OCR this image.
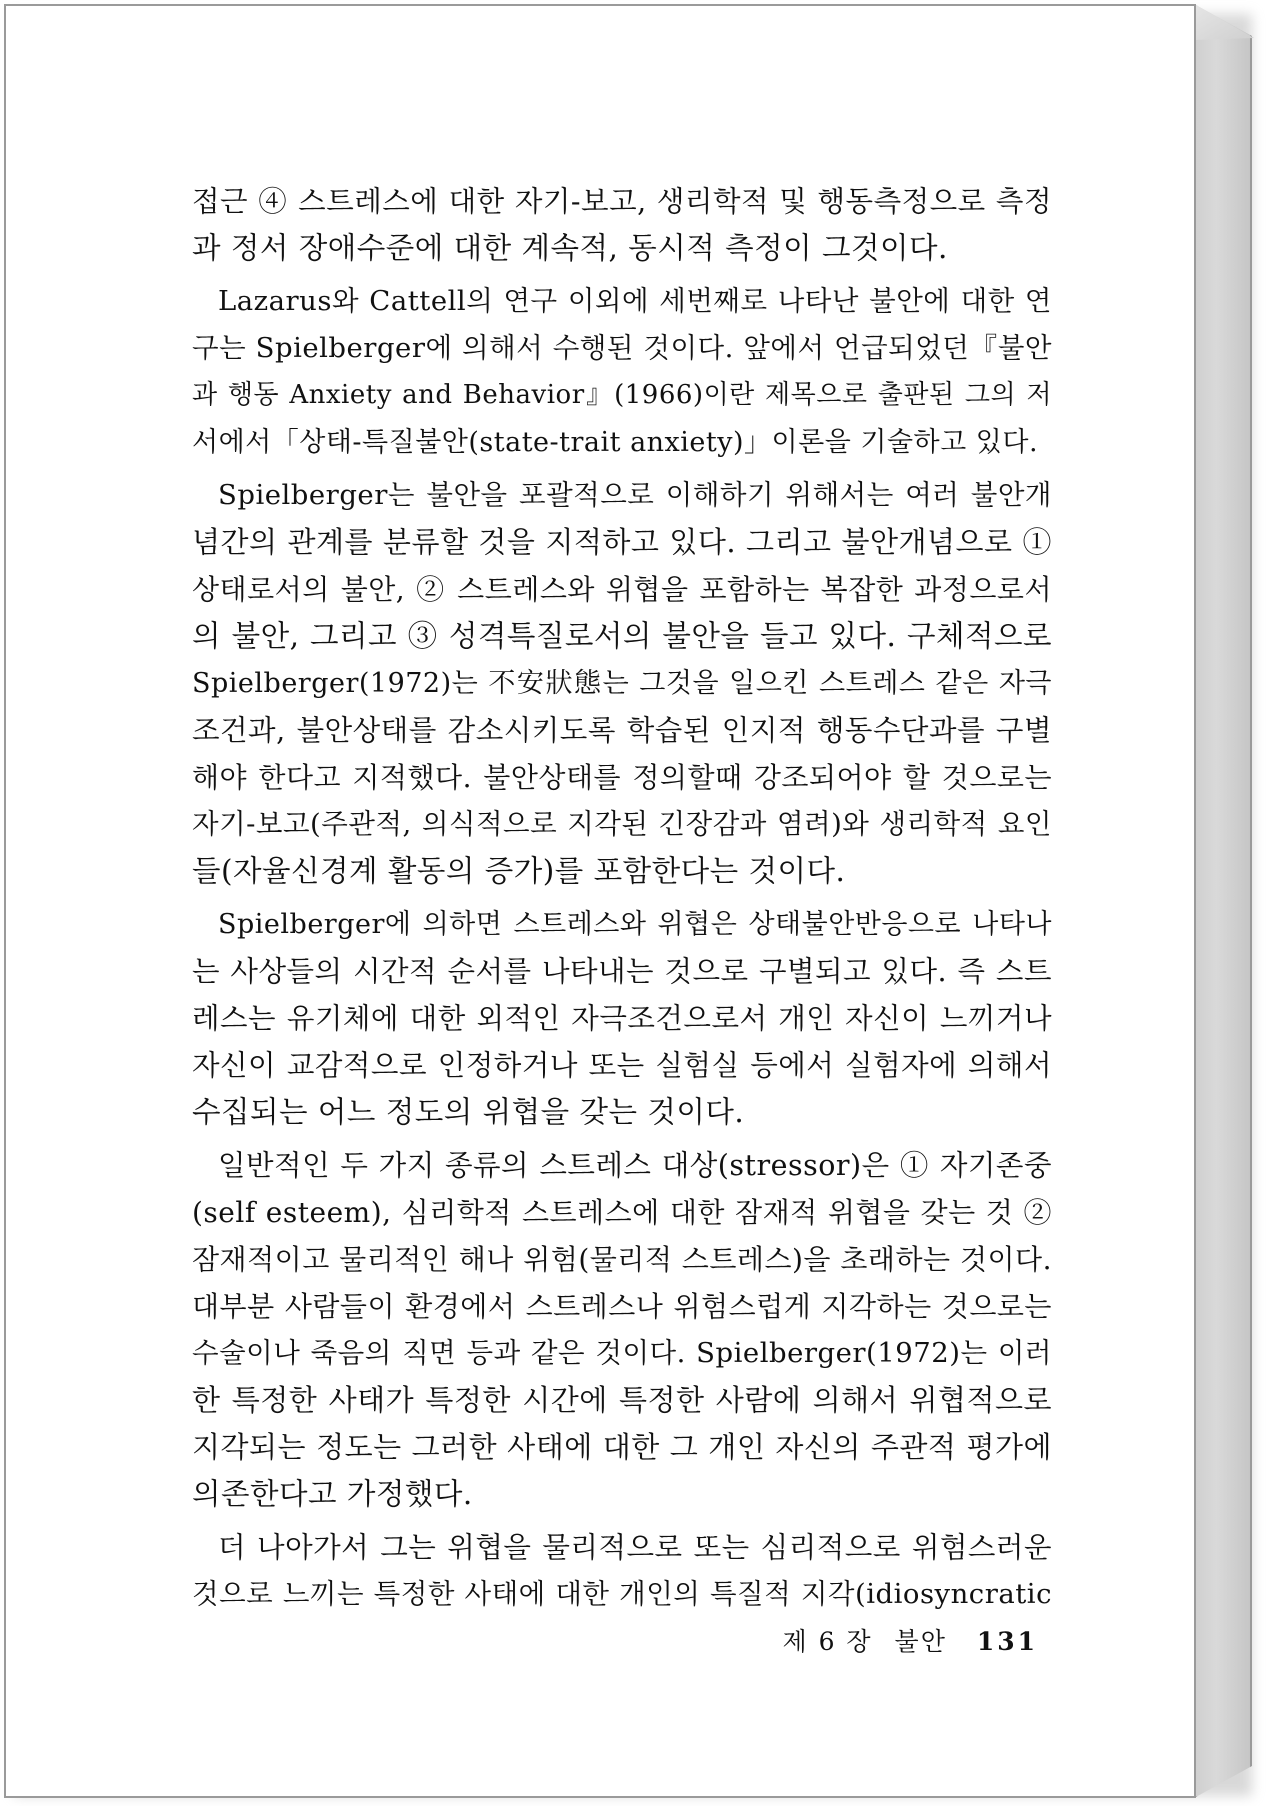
접근 ④ 스트레스에 대한 자기-보고, 생리학적 및 행동측정으로 측정
과 정서 장애수준에 대한 계속적, 동시적 측정이 그것이다.
Lazarus와 Cattell의 연구 이외에 세번째로 나타난 불안에 대한 연
구는 Spielberger에 의해서 수행된 것이다. 앞에서 언급되었던『불안
과 행동 Anxiety and Behavior』(1966)이란 제목으로 출판된 그의 저
서에서「상태-특질불안(state-trait anxiety)」이론을 기술하고 있다.
Spielberger는 불안을 포괄적으로 이해하기 위해서는 여러 불안개
념간의 관계를 분류할 것을 지적하고 있다. 그리고 불안개념으로 ①
상태로서의 불안, ② 스트레스와 위협을 포함하는 복잡한 과정으로서
의 불안, 그리고 ③ 성격특질로서의 불안을 들고 있다. 구체적으로
Spielberger(1972)는 不安狀態는 그것을 일으킨 스트레스 같은 자극
조건과, 불안상태를 감소시키도록 학습된 인지적 행동수단과를 구별
해야 한다고 지적했다. 불안상태를 정의할때 강조되어야 할 것으로는
자기-보고(주관적, 의식적으로 지각된 긴장감과 염려)와 생리학적 요인
들(자율신경계 활동의 증가)를 포함한다는 것이다.
Spielberger에 의하면 스트레스와 위협은 상태불안반응으로 나타나
는 사상들의 시간적 순서를 나타내는 것으로 구별되고 있다. 즉 스트
레스는 유기체에 대한 외적인 자극조건으로서 개인 자신이 느끼거나
자신이 교감적으로 인정하거나 또는 실험실 등에서 실험자에 의해서
수집되는 어느 정도의 위협을 갖는 것이다.
일반적인 두 가지 종류의 스트레스 대상(stressor)은 ① 자기존중
(self esteem), 심리학적 스트레스에 대한 잠재적 위협을 갖는 것 ②
잠재적이고 물리적인 해나 위험(물리적 스트레스)을 초래하는 것이다.
대부분 사람들이 환경에서 스트레스나 위험스럽게 지각하는 것으로는
수술이나 죽음의 직면 등과 같은 것이다. Spielberger(1972)는 이러
한 특정한 사태가 특정한 시간에 특정한 사람에 의해서 위협적으로
지각되는 정도는 그러한 사태에 대한 그 개인 자신의 주관적 평가에
의존한다고 가정했다.
더 나아가서 그는 위협을 물리적으로 또는 심리적으로 위험스러운
것으로 느끼는 특정한 사태에 대한 개인의 특질적 지각(idiosyncratic
제 6 장 불안 131
